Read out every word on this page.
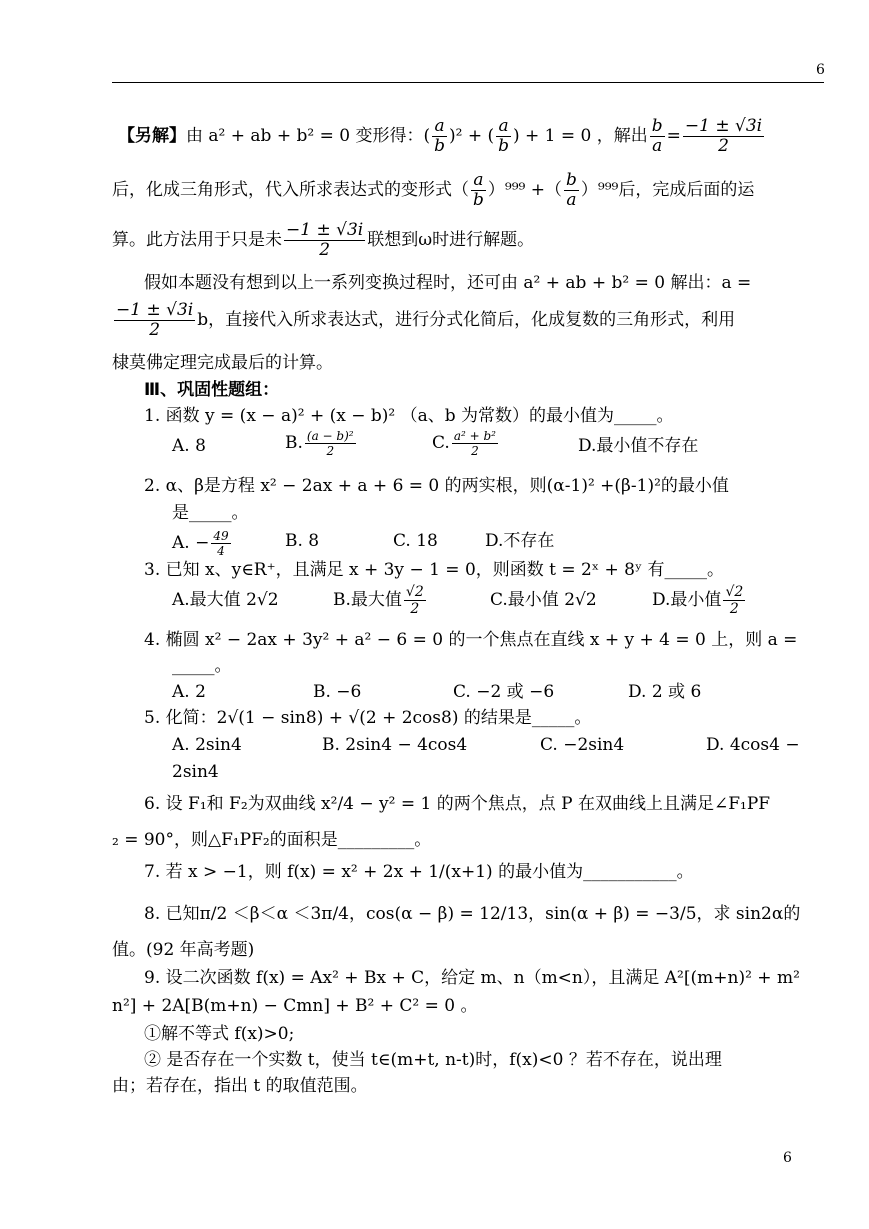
6
【另解】由 a² + ab + b² = 0 变形得：( $\frac{a}{b} )^2$ + ( $\frac{a}{b}$ ) + 1 = 0 ，解出 $\frac{b}{a} = \frac{-1 \pm √3i}{2}$
后，化成三角形式，代入所求表达式的变形式（ $\frac{a}{b} )^{999}$ +（ $\frac{b}{a} )^{999}$后，完成后面的运
算。此方法用于只是未 $\frac{-1 \pm √3i}{2}$ 联想到ω时进行解题。
假如本题没有想到以上一系列变换过程时，还可由 a² + ab + b² = 0 解出：a =
$\frac{-1 \pm √3i}{2}$ b，直接代入所求表达式，进行分式化简后，化成复数的三角形式，利用
棣莫佛定理完成最后的计算。
Ⅲ、巩固性题组：
1. 函数 y = (x − a)² + (x − b)² （a、b 为常数）的最小值为_____。
A. 8	B. $\frac{\text{(a − b)²}}{2}$	C. $\frac{\text{a² + b²}}{2}$	D.最小值不存在
2. α、β是方程 x² − 2ax + a + 6 = 0 的两实根，则(α-1)² +(β-1)²的最小值
是_____。
A. − $\frac{49}{4}$	B. 8	C. 18	D.不存在
3. 已知 x、y∈R⁺，且满足 x + 3y − 1 = 0，则函数 t = 2ˣ + 8ʸ 有_____。
A.最大值 2√2	B.最大值 $\frac{√2}{2}$	C.最小值 2√2	D.最小值 $\frac{√2}{2}$
4. 椭圆 x² − 2ax + 3y² + a² − 6 = 0 的一个焦点在直线 x + y + 4 = 0 上，则 a =
_____。
A. 2	B. −6	C. −2 或 −6	D. 2 或 6
5. 化简：2√(1 − sin8) + √(2 + 2cos8) 的结果是_____。
A. 2sin4	B. 2sin4 − 4cos4	C. −2sin4	D. 4cos4 −
2sin4
6. 设 F₁和 F₂为双曲线 x²/4 − y² = 1 的两个焦点，点 P 在双曲线上且满足∠F₁PF
₂ = 90°，则△F₁PF₂的面积是_________。
7. 若 x > −1，则 f(x) = x² + 2x + 1/(x+1) 的最小值为___________。
8. 已知π/2 ＜β＜α ＜3π/4，cos(α − β) = 12/13，sin(α + β) = −3/5，求 sin2α的
值。(92 年高考题)
9. 设二次函数 f(x) = Ax² + Bx + C，给定 m、n（m<n），且满足 A²[(m+n)² + m²
n²] + 2A[B(m+n) − Cmn] + B² + C² = 0 。
①解不等式 f(x)>0;
② 是否存在一个实数 t，使当 t∈(m+t, n-t)时，f(x)<0 ？若不存在，说出理
由；若存在，指出 t 的取值范围。
6
